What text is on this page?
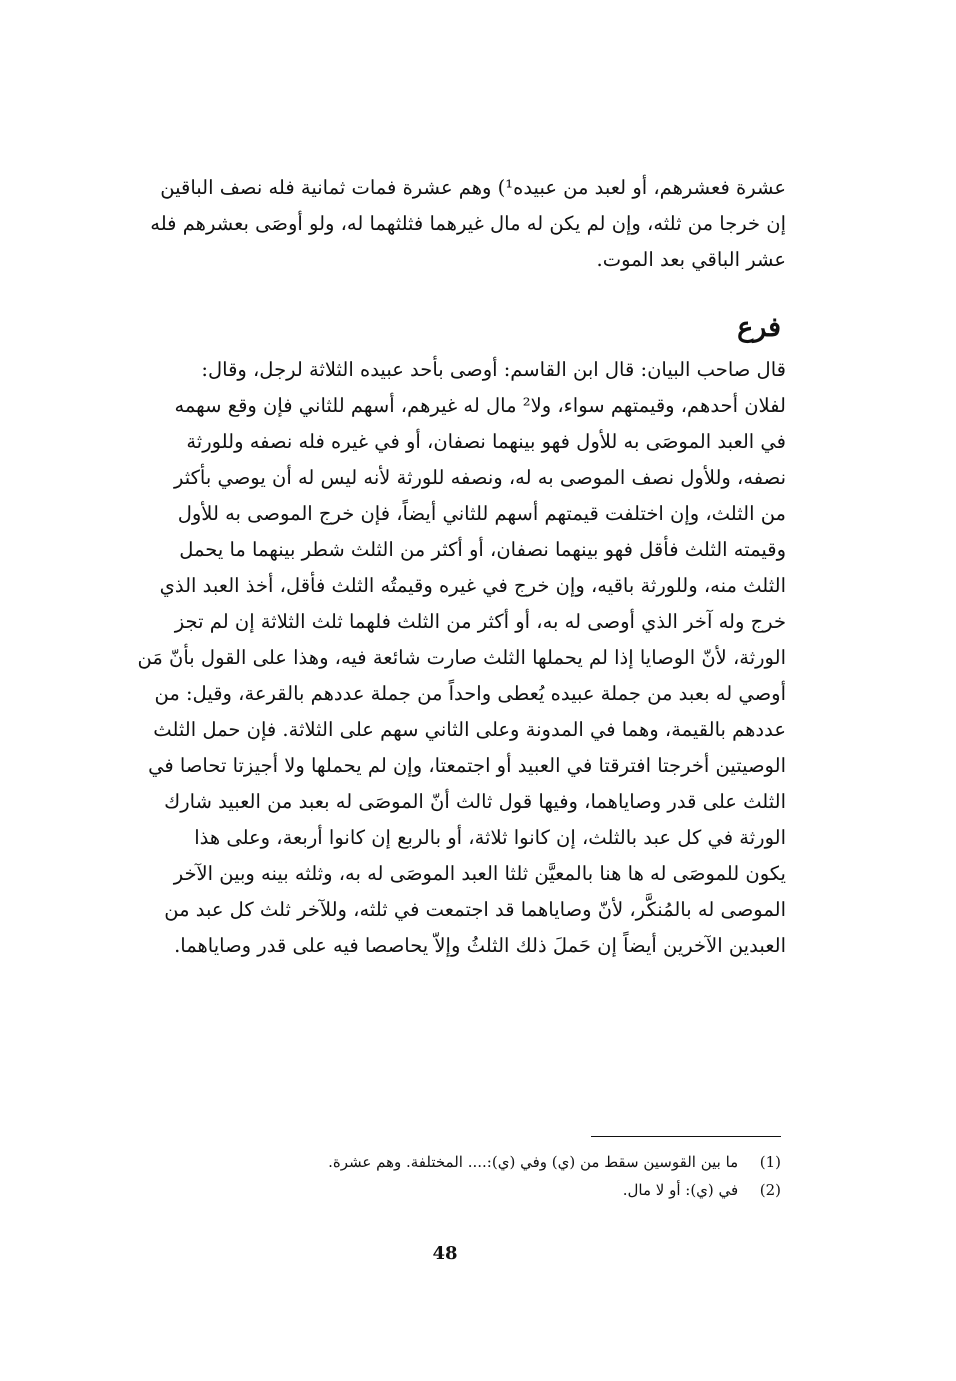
عشرة فعشرهم، أو لعبد من عبيده¹) وهم عشرة فمات ثمانية فله نصف الباقين
إن خرجا من ثلثه، وإن لم يكن له مال غيرهما فثلثهما له، ولو أوصَى بعشرهم فله
عشر الباقي بعد الموت.
فرع
قال صاحب البيان: قال ابن القاسم: أوصى بأحد عبيده الثلاثة لرجل، وقال:
لفلان أحدهم، وقيمتهم سواء، ولا² مال له غيرهم، أسهم للثاني فإن وقع سهمه
في العبد الموصَى به للأول فهو بينهما نصفان، أو في غيره فله نصفه وللورثة
نصفه، وللأول نصف الموصى به له، ونصفه للورثة لأنه ليس له أن يوصي بأكثر
من الثلث، وإن اختلفت قيمتهم أسهم للثاني أيضاً، فإن خرج الموصى به للأول
وقيمته الثلث فأقل فهو بينهما نصفان، أو أكثر من الثلث شطر بينهما ما يحمل
الثلث منه، وللورثة باقيه، وإن خرج في غيره وقيمتُه الثلث فأقل، أخذ العبد الذي
خرج وله آخر الذي أوصى له به، أو أكثر من الثلث فلهما ثلث الثلاثة إن لم تجز
الورثة، لأنّ الوصايا إذا لم يحملها الثلث صارت شائعة فيه، وهذا على القول بأنّ مَن
أوصي له بعبد من جملة عبيده يُعطى واحداً من جملة عددهم بالقرعة، وقيل: من
عددهم بالقيمة، وهما في المدونة وعلى الثاني سهم على الثلاثة. فإن حمل الثلث
الوصيتين أخرجتا افترقتا في العبيد أو اجتمعتا، وإن لم يحملها ولا أجيزتا تحاصا في
الثلث على قدر وصاياهما، وفيها قول ثالث أنّ الموصَى له بعبد من العبيد شارك
الورثة في كل عبد بالثلث، إن كانوا ثلاثة، أو بالربع إن كانوا أربعة، وعلى هذا
يكون للموصَى له ها هنا بالمعيَّن ثلثا العبد الموصَى له به، وثلثه بينه وبين الآخر
الموصى له بالمُنكَّر، لأنّ وصاياهما قد اجتمعت في ثلثه، وللآخر ثلث كل عبد من
العبدين الآخرين أيضاً إن حَملَ ذلك الثلثُ وإلاّ يحاصصا فيه على قدر وصاياهما.
(1) ما بين القوسين سقط من (ي) وفي (ي):.... المختلفة. وهم عشرة.
(2) في (ي): أو لا مال.
48
